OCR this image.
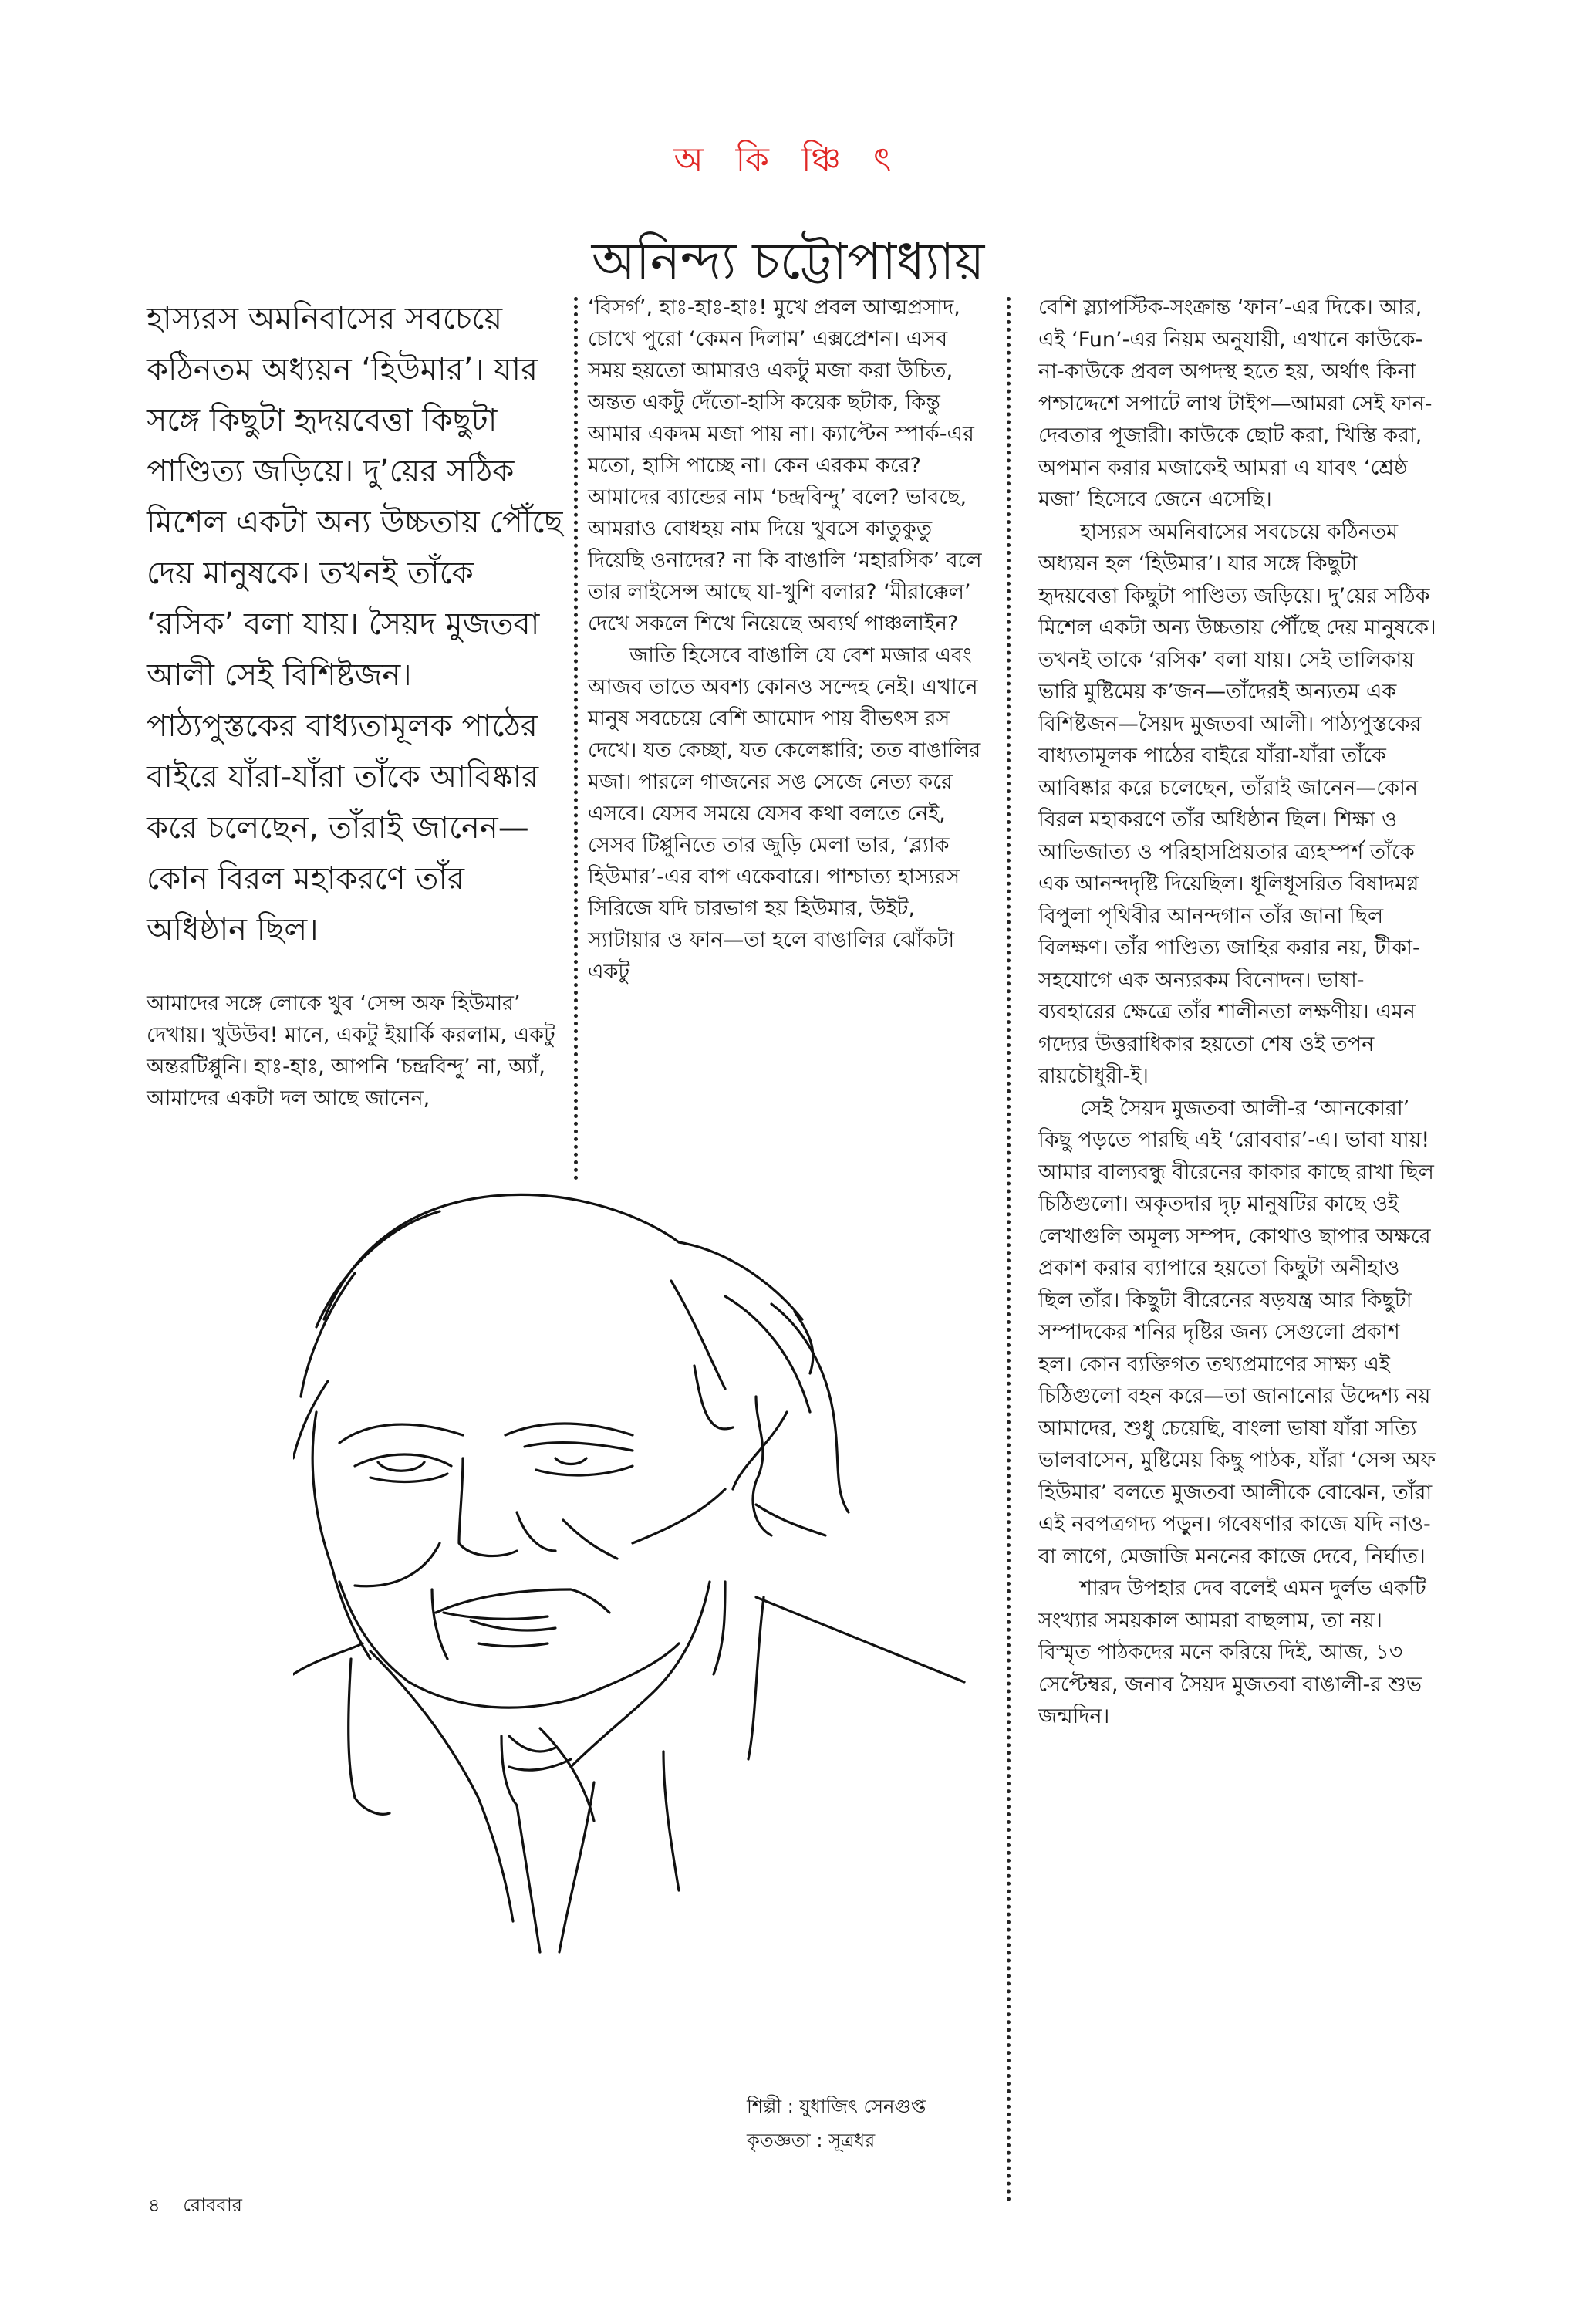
অ কি ঞ্চি ৎ
অনিন্দ্য চট্টোপাধ্যায়

হাস্যরস অমনিবাসের সবচেয়ে কঠিনতম অধ্যয়ন ‘হিউমার’। যার সঙ্গে কিছুটা হৃদয়বেত্তা কিছুটা পাণ্ডিত্য জড়িয়ে। দু’য়ের সঠিক মিশেল একটা অন্য উচ্চতায় পৌঁছে দেয় মানুষকে। তখনই তাঁকে ‘রসিক’ বলা যায়। সৈয়দ মুজতবা আলী সেই বিশিষ্টজন। পাঠ্যপুস্তকের বাধ্যতামূলক পাঠের বাইরে যাঁরা-যাঁরা তাঁকে আবিষ্কার করে চলেছেন, তাঁরাই জানেন—কোন বিরল মহাকরণে তাঁর অধিষ্ঠান ছিল।

আমাদের সঙ্গে লোকে খুব ‘সেন্স অফ হিউমার’ দেখায়। খুউউব! মানে, একটু ইয়ার্কি করলাম, একটু অন্তরটিপ্পুনি। হাঃ-হাঃ, আপনি ‘চন্দ্রবিন্দু’ না, অ্যাঁ, আমাদের একটা দল আছে জানেন,

‘বিসর্গ’, হাঃ-হাঃ-হাঃ! মুখে প্রবল আত্মপ্রসাদ, চোখে পুরো ‘কেমন দিলাম’ এক্সপ্রেশন। এসব সময় হয়তো আমারও একটু মজা করা উচিত, অন্তত একটু দেঁতো-হাসি কয়েক ছটাক, কিন্তু আমার একদম মজা পায় না। ক্যাপ্টেন স্পার্ক-এর মতো, হাসি পাচ্ছে না। কেন এরকম করে? আমাদের ব্যান্ডের নাম ‘চন্দ্রবিন্দু’ বলে? ভাবছে, আমরাও বোধহয় নাম দিয়ে খুবসে কাতুকুতু দিয়েছি ওনাদের? না কি বাঙালি ‘মহারসিক’ বলে তার লাইসেন্স আছে যা-খুশি বলার? ‘মীরাক্কেল’ দেখে সকলে শিখে নিয়েছে অব্যর্থ পাঞ্চলাইন?

জাতি হিসেবে বাঙালি যে বেশ মজার এবং আজব তাতে অবশ্য কোনও সন্দেহ নেই। এখানে মানুষ সবচেয়ে বেশি আমোদ পায় বীভৎস রস দেখে। যত কেচ্ছা, যত কেলেঙ্কারি; তত বাঙালির মজা। পারলে গাজনের সঙ সেজে নেত্য করে এসবে। যেসব সময়ে যেসব কথা বলতে নেই, সেসব টিপ্পুনিতে তার জুড়ি মেলা ভার, ‘ব্ল্যাক হিউমার’-এর বাপ একেবারে। পাশ্চাত্য হাস্যরস সিরিজে যদি চারভাগ হয় হিউমার, উইট, স্যাটায়ার ও ফান—তা হলে বাঙালির ঝোঁকটা একটু

বেশি স্ল্যাপস্টিক-সংক্রান্ত ‘ফান’-এর দিকে। আর, এই ‘Fun’-এর নিয়ম অনুযায়ী, এখানে কাউকে-না-কাউকে প্রবল অপদস্থ হতে হয়, অর্থাৎ কিনা পশ্চাদ্দেশে সপাটে লাথ টাইপ—আমরা সেই ফান-দেবতার পূজারী। কাউকে ছোট করা, খিস্তি করা, অপমান করার মজাকেই আমরা এ যাবৎ ‘শ্রেষ্ঠ মজা’ হিসেবে জেনে এসেছি।

হাস্যরস অমনিবাসের সবচেয়ে কঠিনতম অধ্যয়ন হল ‘হিউমার’। যার সঙ্গে কিছুটা হৃদয়বেত্তা কিছুটা পাণ্ডিত্য জড়িয়ে। দু’য়ের সঠিক মিশেল একটা অন্য উচ্চতায় পৌঁছে দেয় মানুষকে। তখনই তাকে ‘রসিক’ বলা যায়। সেই তালিকায় ভারি মুষ্টিমেয় ক’জন—তাঁদেরই অন্যতম এক বিশিষ্টজন—সৈয়দ মুজতবা আলী। পাঠ্যপুস্তকের বাধ্যতামূলক পাঠের বাইরে যাঁরা-যাঁরা তাঁকে আবিষ্কার করে চলেছেন, তাঁরাই জানেন—কোন বিরল মহাকরণে তাঁর অধিষ্ঠান ছিল। শিক্ষা ও আভিজাত্য ও পরিহাসপ্রিয়তার ত্র্যহস্পর্শ তাঁকে এক আনন্দদৃষ্টি দিয়েছিল। ধূলিধূসরিত বিষাদমগ্ন বিপুলা পৃথিবীর আনন্দগান তাঁর জানা ছিল বিলক্ষণ। তাঁর পাণ্ডিত্য জাহির করার নয়, টীকা-সহযোগে এক অন্যরকম বিনোদন। ভাষা-ব্যবহারের ক্ষেত্রে তাঁর শালীনতা লক্ষণীয়। এমন গদ্যের উত্তরাধিকার হয়তো শেষ ওই তপন রায়চৌধুরী-ই।

সেই সৈয়দ মুজতবা আলী-র ‘আনকোরা’ কিছু পড়তে পারছি এই ‘রোববার’-এ। ভাবা যায়! আমার বাল্যবন্ধু বীরেনের কাকার কাছে রাখা ছিল চিঠিগুলো। অকৃতদার দৃঢ় মানুষটির কাছে ওই লেখাগুলি অমূল্য সম্পদ, কোথাও ছাপার অক্ষরে প্রকাশ করার ব্যাপারে হয়তো কিছুটা অনীহাও ছিল তাঁর। কিছুটা বীরেনের ষড়যন্ত্র আর কিছুটা সম্পাদকের শনির দৃষ্টির জন্য সেগুলো প্রকাশ হল। কোন ব্যক্তিগত তথ্যপ্রমাণের সাক্ষ্য এই চিঠিগুলো বহন করে—তা জানানোর উদ্দেশ্য নয় আমাদের, শুধু চেয়েছি, বাংলা ভাষা যাঁরা সত্যি ভালবাসেন, মুষ্টিমেয় কিছু পাঠক, যাঁরা ‘সেন্স অফ হিউমার’ বলতে মুজতবা আলীকে বোঝেন, তাঁরা এই নবপত্রগদ্য পড়ুন। গবেষণার কাজে যদি নাও-বা লাগে, মেজাজি মননের কাজে দেবে, নির্ঘাত।

শারদ উপহার দেব বলেই এমন দুর্লভ একটি সংখ্যার সময়কাল আমরা বাছলাম, তা নয়। বিস্মৃত পাঠকদের মনে করিয়ে দিই, আজ, ১৩ সেপ্টেম্বর, জনাব সৈয়দ মুজতবা বাঙালী-র শুভ জন্মদিন।

শিল্পী : যুধাজিৎ সেনগুপ্ত
কৃতজ্ঞতা : সূত্রধর
৪ রোববার
